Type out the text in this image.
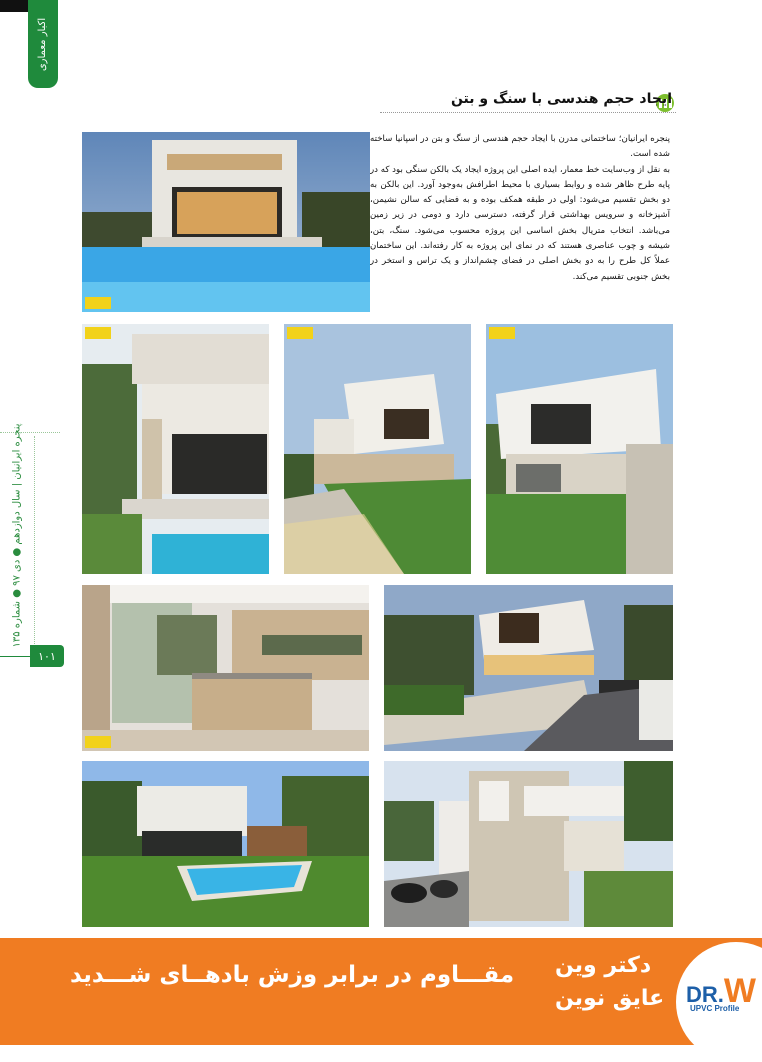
اکبار معماری
پنجره ایرانیان | سال دوازدهم ● دی ۹۷ ● شماره ۱۳۵
۱۰۱
ایجاد حجم هندسی با سنگ و بتن

پنجره ایرانیان؛ ساختمانی مدرن با ایجاد حجم هندسی از سنگ و بتن در اسپانیا ساخته شده است.

به نقل از وب‌سایت خط معمار، ایده اصلی این پروژه ایجاد یک بالکن سنگی بود که در پایه طرح ظاهر شده و روابط بسیاری با محیط اطرافش به‌وجود آورد. این بالکن به دو بخش تقسیم می‌شود: اولی در طبقه همکف بوده و به فضایی که سالن نشیمن، آشپزخانه و سرویس بهداشتی قرار گرفته، دسترسی دارد و دومی در زیر زمین می‌باشد. انتخاب متریال بخش اساسی این پروژه محسوب می‌شود. سنگ، بتن، شیشه و چوب عناصری هستند که در نمای این پروژه به کار رفته‌اند. این ساختمان عملاً کل طرح را به دو بخش اصلی در فضای چشم‌انداز و یک تراس و استخر در بخش جنوبی تقسیم می‌کند.

مقـــاوم در برابر وزش بادهــای شـــدید دکتر وین
عایق نوین DR.W
UPVC Profile
